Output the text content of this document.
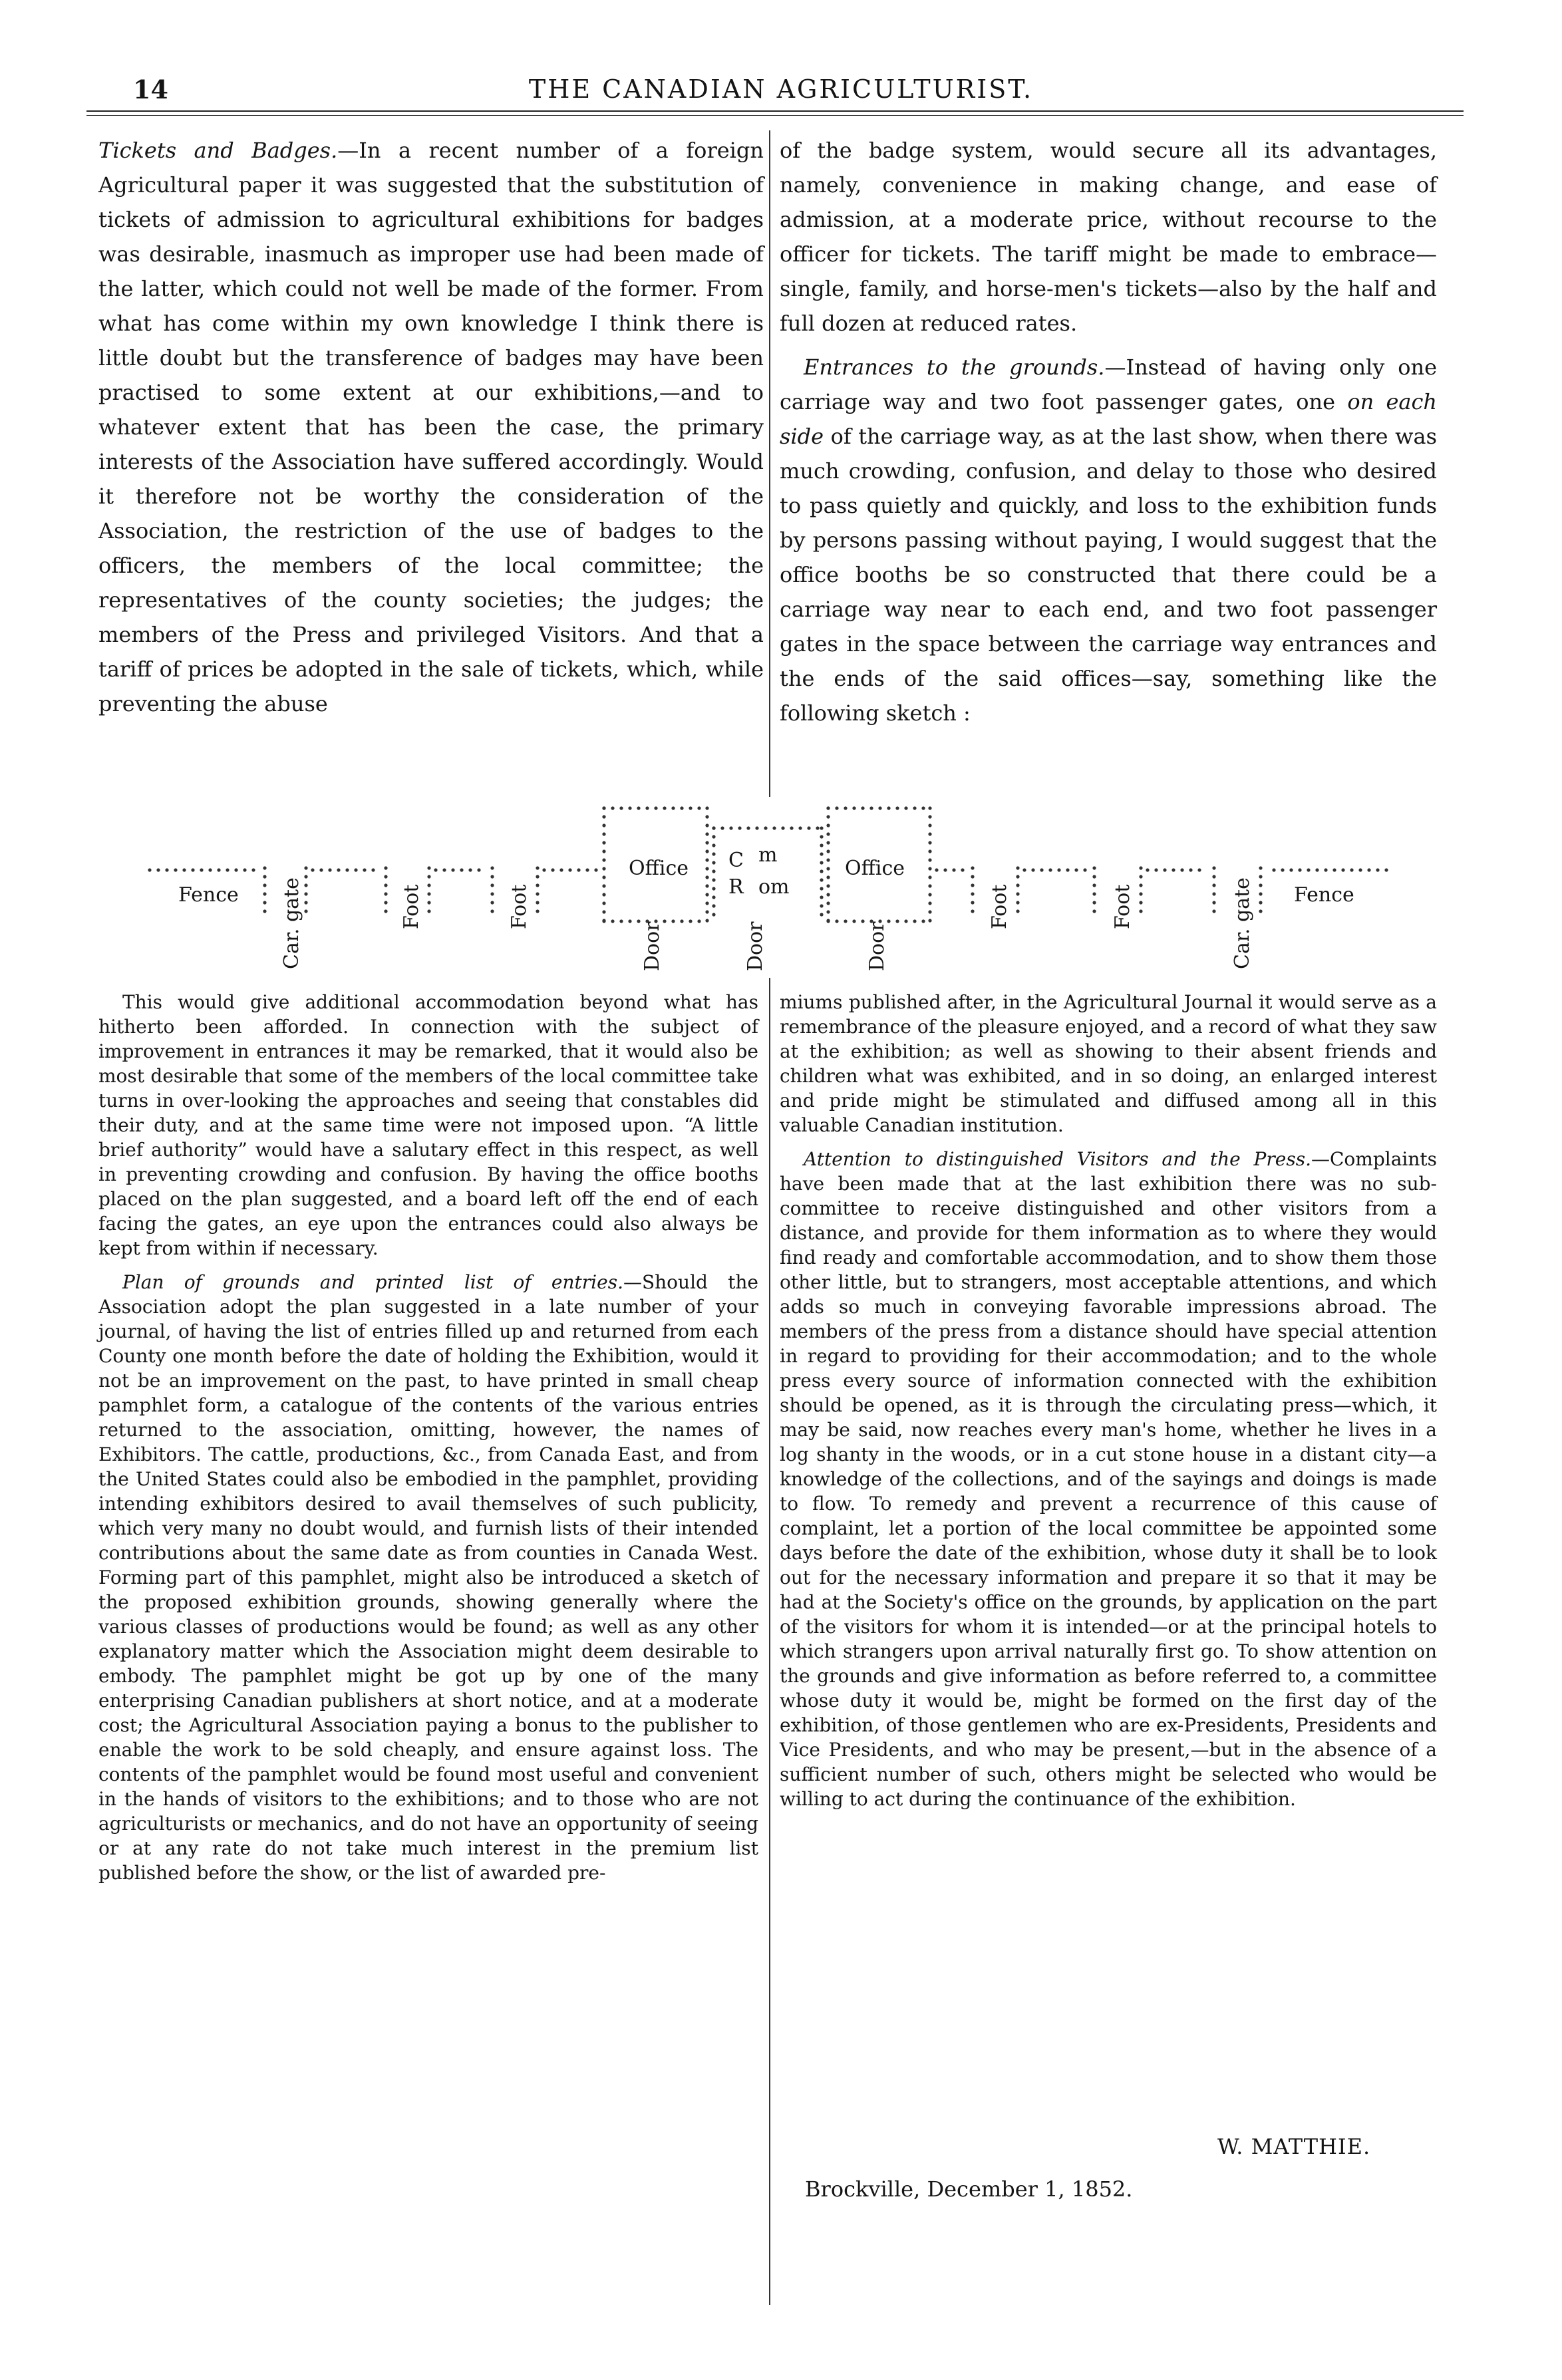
14	THE CANADIAN AGRICULTURIST.

Tickets and Badges.—In a recent number of a foreign Agricultural paper it was suggested that the substitution of tickets of admission to agricultural exhibitions for badges was desirable, inasmuch as improper use had been made of the latter, which could not well be made of the former. From what has come within my own knowledge I think there is little doubt but the transference of badges may have been practised to some extent at our exhibitions,—and to whatever extent that has been the case, the primary interests of the Association have suffered accordingly. Would it therefore not be worthy the consideration of the Association, the restriction of the use of badges to the officers, the members of the local committee; the representatives of the county societies; the judges; the members of the Press and privileged Visitors. And that a tariff of prices be adopted in the sale of tickets, which, while preventing the abuse

of the badge system, would secure all its advantages, namely, convenience in making change, and ease of admission, at a moderate price, without recourse to the officer for tickets. The tariff might be made to embrace—single, family, and horse-men's tickets—also by the half and full dozen at reduced rates.

Entrances to the grounds.—Instead of having only one carriage way and two foot passenger gates, one on each side of the carriage way, as at the last show, when there was much crowding, confusion, and delay to those who desired to pass quietly and quickly, and loss to the exhibition funds by persons passing without paying, I would suggest that the office booths be so constructed that there could be a carriage way near to each end, and two foot passenger gates in the space between the carriage way entrances and the ends of the said offices—say, something like the following sketch :

Fence	Fence
Car. gate	Foot	Foot
Office
Door
C m
R om
Door	Door
Office
Foot	Foot	Car. gate

This would give additional accommodation beyond what has hitherto been afforded. In connection with the subject of improvement in entrances it may be remarked, that it would also be most desirable that some of the members of the local committee take turns in over-looking the approaches and seeing that constables did their duty, and at the same time were not imposed upon. “A little brief authority” would have a salutary effect in this respect, as well in preventing crowding and confusion. By having the office booths placed on the plan suggested, and a board left off the end of each facing the gates, an eye upon the entrances could also always be kept from within if necessary.

Plan of grounds and printed list of entries.—Should the Association adopt the plan suggested in a late number of your journal, of having the list of entries filled up and returned from each County one month before the date of holding the Exhibition, would it not be an improvement on the past, to have printed in small cheap pamphlet form, a catalogue of the contents of the various entries returned to the association, omitting, however, the names of Exhibitors. The cattle, productions, &c., from Canada East, and from the United States could also be embodied in the pamphlet, providing intending exhibitors desired to avail themselves of such publicity, which very many no doubt would, and furnish lists of their intended contributions about the same date as from counties in Canada West. Forming part of this pamphlet, might also be introduced a sketch of the proposed exhibition grounds, showing generally where the various classes of productions would be found; as well as any other explanatory matter which the Association might deem desirable to embody. The pamphlet might be got up by one of the many enterprising Canadian publishers at short notice, and at a moderate cost; the Agricultural Association paying a bonus to the publisher to enable the work to be sold cheaply, and ensure against loss. The contents of the pamphlet would be found most useful and convenient in the hands of visitors to the exhibitions; and to those who are not agriculturists or mechanics, and do not have an opportunity of seeing or at any rate do not take much interest in the premium list published before the show, or the list of awarded pre-

miums published after, in the Agricultural Journal it would serve as a remembrance of the pleasure enjoyed, and a record of what they saw at the exhibition; as well as showing to their absent friends and children what was exhibited, and in so doing, an enlarged interest and pride might be stimulated and diffused among all in this valuable Canadian institution.

Attention to distinguished Visitors and the Press.—Complaints have been made that at the last exhibition there was no sub-committee to receive distinguished and other visitors from a distance, and provide for them information as to where they would find ready and comfortable accommodation, and to show them those other little, but to strangers, most acceptable attentions, and which adds so much in conveying favorable impressions abroad. The members of the press from a distance should have special attention in regard to providing for their accommodation; and to the whole press every source of information connected with the exhibition should be opened, as it is through the circulating press—which, it may be said, now reaches every man's home, whether he lives in a log shanty in the woods, or in a cut stone house in a distant city—a knowledge of the collections, and of the sayings and doings is made to flow. To remedy and prevent a recurrence of this cause of complaint, let a portion of the local committee be appointed some days before the date of the exhibition, whose duty it shall be to look out for the necessary information and prepare it so that it may be had at the Society's office on the grounds, by application on the part of the visitors for whom it is intended—or at the principal hotels to which strangers upon arrival naturally first go. To show attention on the grounds and give information as before referred to, a committee whose duty it would be, might be formed on the first day of the exhibition, of those gentlemen who are ex-Presidents, Presidents and Vice Presidents, and who may be present,—but in the absence of a sufficient number of such, others might be selected who would be willing to act during the continuance of the exhibition.

W. MATTHIE.
Brockville, December 1, 1852.
